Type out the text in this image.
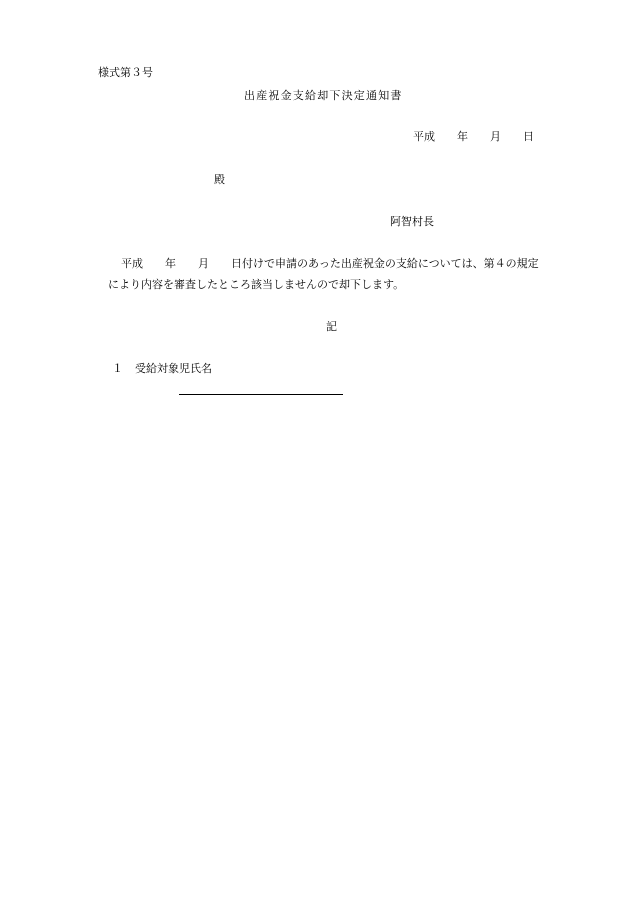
様式第３号
出産祝金支給却下決定通知書
平成　　年　　月　　日
殿
阿智村長
平成　　年　　月　　日付けで申請のあった出産祝金の支給については、第４の規定
により内容を審査したところ該当しませんので却下します。
記
１ 受給対象児氏名
